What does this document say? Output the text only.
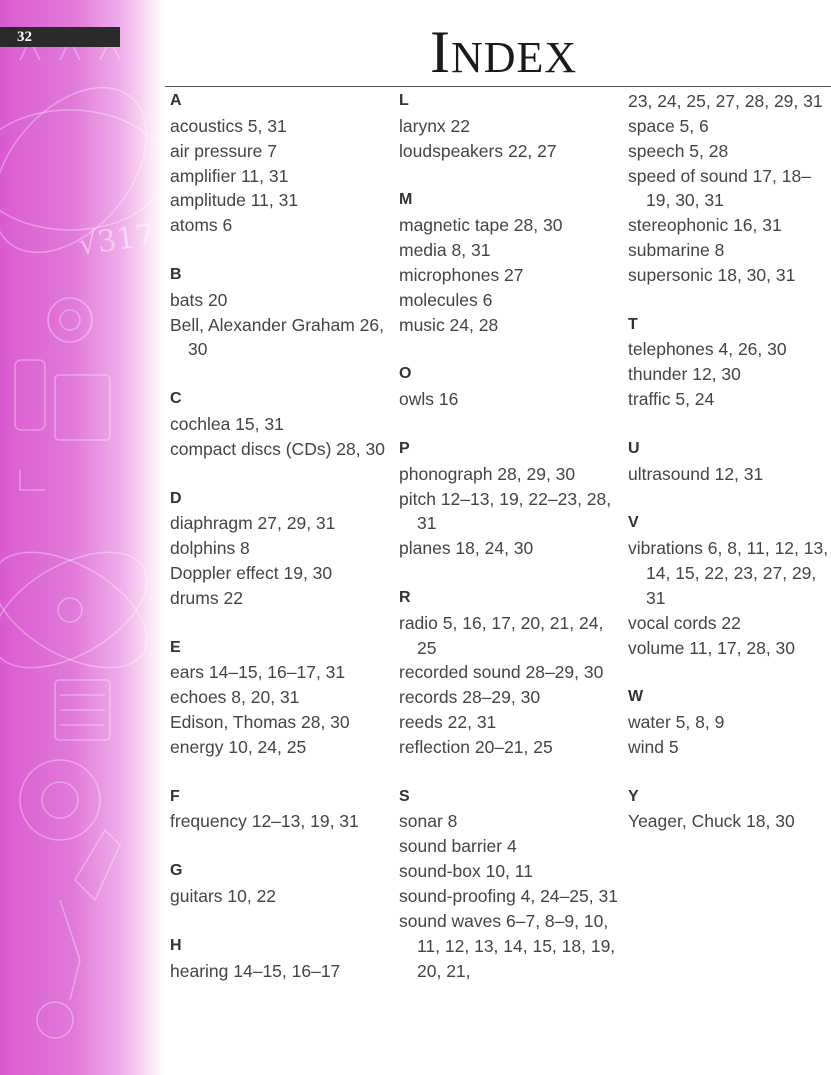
√317
32	INDEX
A
acoustics 5, 31
air pressure 7
amplifier 11, 31
amplitude 11, 31
atoms 6
B
bats 20
Bell, Alexander Graham 26, 30
C
cochlea 15, 31
compact discs (CDs) 28, 30
D
diaphragm 27, 29, 31
dolphins 8
Doppler effect 19, 30
drums 22
E
ears 14–15, 16–17, 31
echoes 8, 20, 31
Edison, Thomas 28, 30
energy 10, 24, 25
F
frequency 12–13, 19, 31
G
guitars 10, 22
H
hearing 14–15, 16–17
L
larynx 22
loudspeakers 22, 27
M
magnetic tape 28, 30
media 8, 31
microphones 27
molecules 6
music 24, 28
O
owls 16
P
phonograph 28, 29, 30
pitch 12–13, 19, 22–23, 28, 31
planes 18, 24, 30
R
radio 5, 16, 17, 20, 21, 24, 25
recorded sound 28–29, 30
records 28–29, 30
reeds 22, 31
reflection 20–21, 25
S
sonar 8
sound barrier 4
sound-box 10, 11
sound-proofing 4, 24–25, 31
sound waves 6–7, 8–9, 10, 11, 12, 13, 14, 15, 18, 19, 20, 21,
23, 24, 25, 27, 28, 29, 31
space 5, 6
speech 5, 28
speed of sound 17, 18–19, 30, 31
stereophonic 16, 31
submarine 8
supersonic 18, 30, 31
T
telephones 4, 26, 30
thunder 12, 30
traffic 5, 24
U
ultrasound 12, 31
V
vibrations 6, 8, 11, 12, 13, 14, 15, 22, 23, 27, 29, 31
vocal cords 22
volume 11, 17, 28, 30
W
water 5, 8, 9
wind 5
Y
Yeager, Chuck 18, 30
